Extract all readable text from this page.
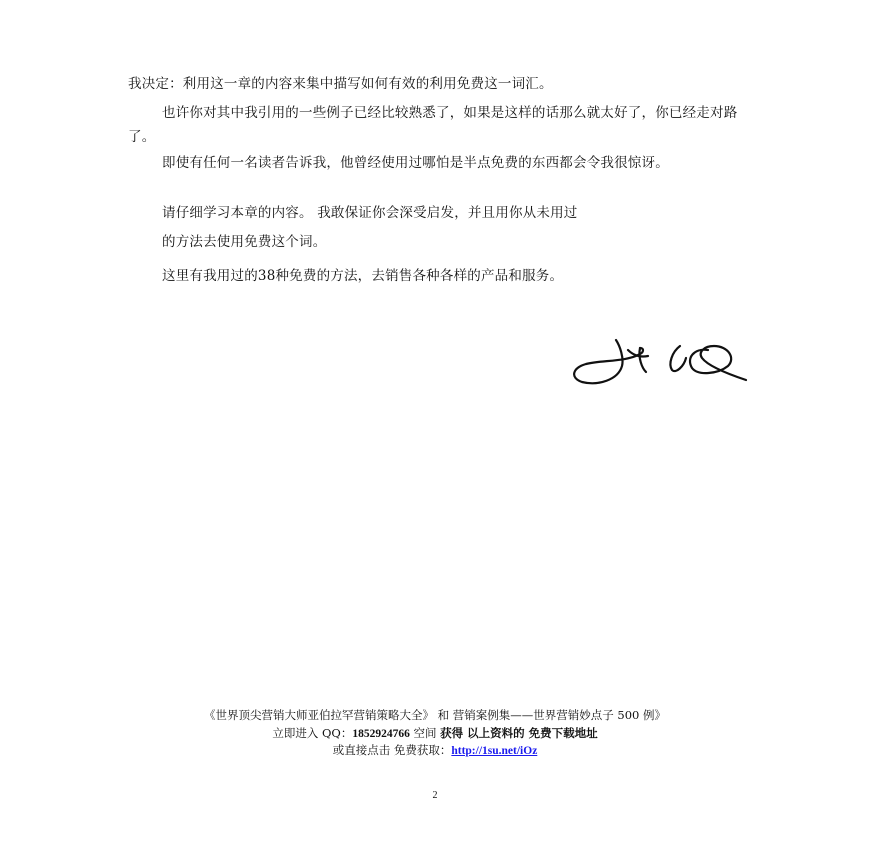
我决定：利用这一章的内容来集中描写如何有效的利用免费这一词汇。

也许你对其中我引用的一些例子已经比较熟悉了，如果是这样的话那么就太好了，你已经走对路了。

即使有任何一名读者告诉我，他曾经使用过哪怕是半点免费的东西都会令我很惊讶。

请仔细学习本章的内容。 我敢保证你会深受启发，并且用你从未用过

的方法去使用免费这个词。

这里有我用过的38种免费的方法，去销售各种各样的产品和服务。

《世界顶尖营销大师亚伯拉罕营销策略大全》 和 营销案例集——世界营销妙点子 500 例》
立即进入 QQ：1852924766 空间 获得 以上资料的 免费下载地址
或直接点击 免费获取：http://1su.net/iOz
2
